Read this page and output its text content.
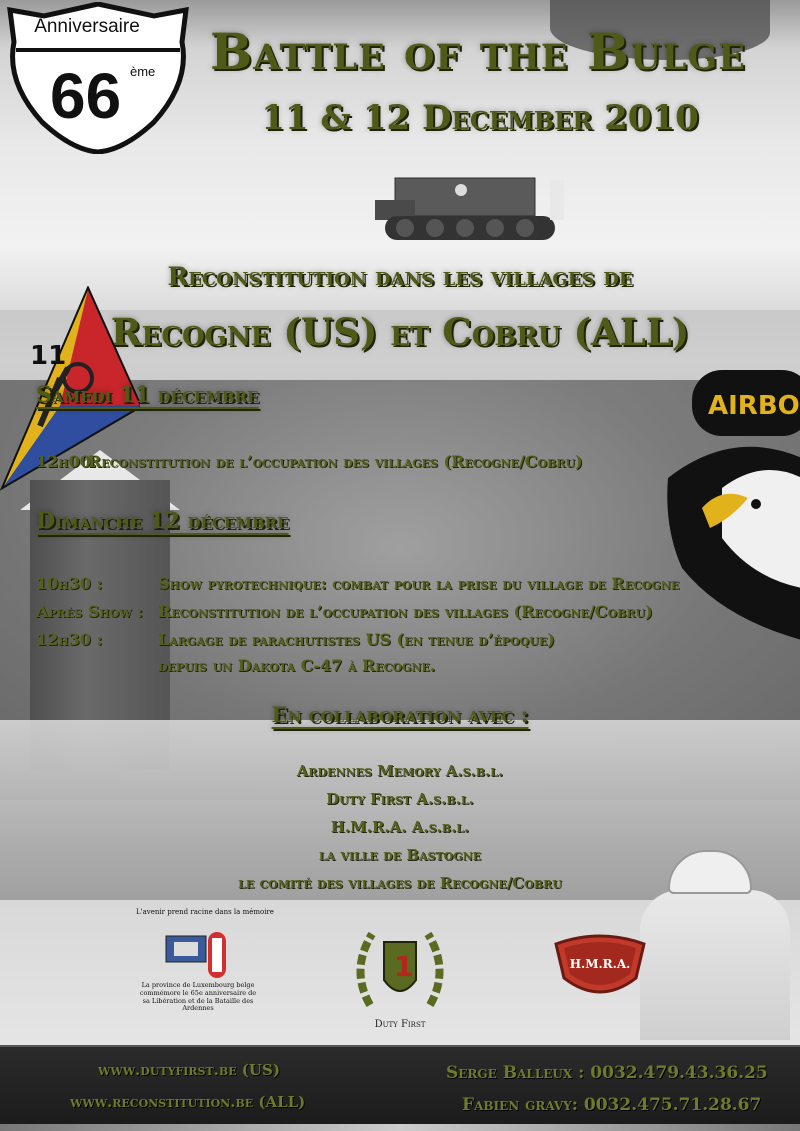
Anniversaire
66 ème	Battle of the Bulge
11 & 12 December 2010
Reconstitution dans les villages de
Recogne (US) et Cobru (ALL)
11
AIRBO
Samedi 11 décembre
12h00:
Reconstitution de l’occupation des villages (Recogne/Cobru)
Dimanche 12 décembre
10h30 :	Show pyrotechnique: combat pour la prise du village de Recogne
Après Show : Reconstitution de l’occupation des villages (Recogne/Cobru)
12h30 :	Largage de parachutistes US (en tenue d’époque)
depuis un Dakota C-47 à Recogne.
En collaboration avec :
Ardennes Memory A.s.b.l.
Duty First A.s.b.l.
H.M.R.A. A.s.b.l.
la ville de Bastogne
le comité des villages de Recogne/Cobru
L'avenir prend racine dans la mémoire
La province de Luxembourg belge commémore le 65e anniversaire de sa Libération et de la Bataille des Ardennes
1
Duty First
H.M.R.A.
www.dutyfirst.be (US)
www.reconstitution.be (ALL)
Serge Balleux : 0032.479.43.36.25
Fabien gravy: 0032.475.71.28.67
